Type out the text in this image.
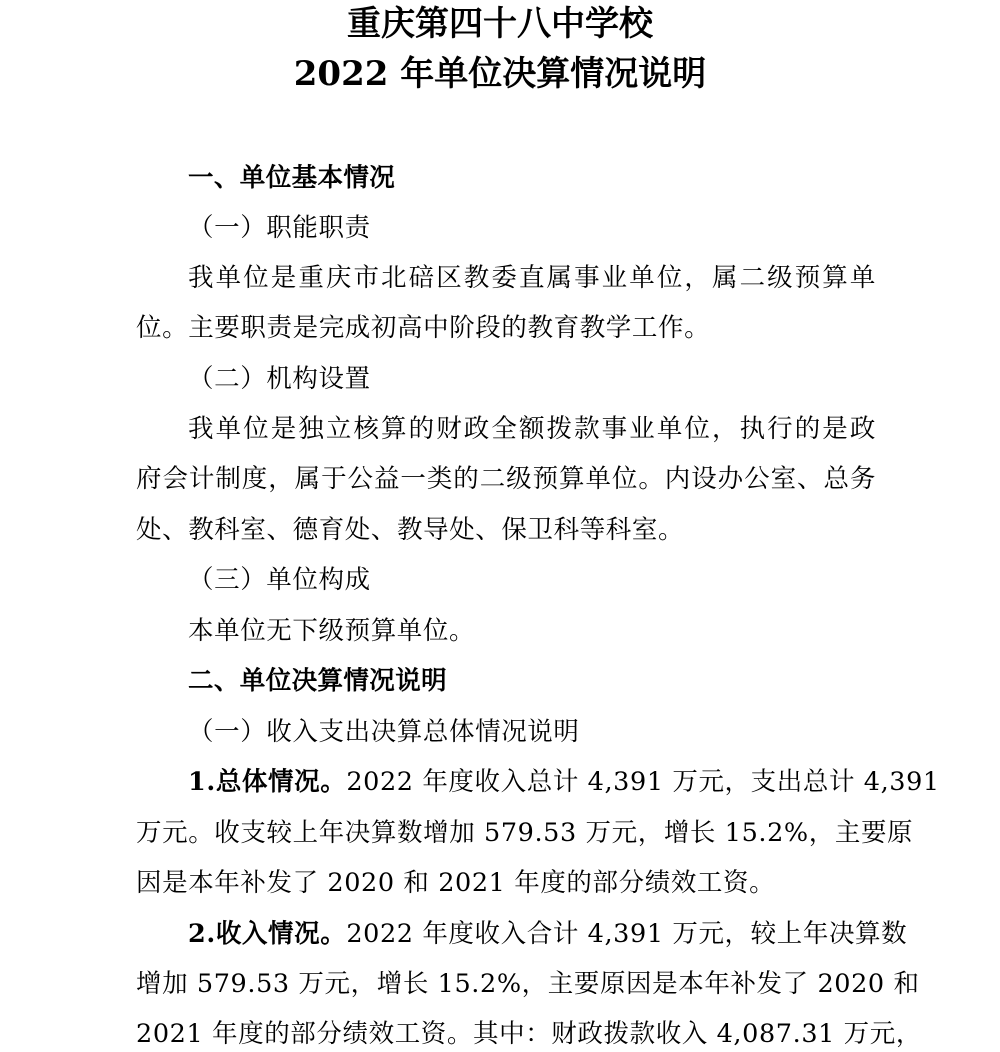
重庆第四十八中学校
2022 年单位决算情况说明
一、单位基本情况
（一）职能职责
我单位是重庆市北碚区教委直属事业单位，属二级预算单
位。主要职责是完成初高中阶段的教育教学工作。
（二）机构设置
我单位是独立核算的财政全额拨款事业单位，执行的是政
府会计制度，属于公益一类的二级预算单位。内设办公室、总务
处、教科室、德育处、教导处、保卫科等科室。
（三）单位构成
本单位无下级预算单位。
二、单位决算情况说明
（一）收入支出决算总体情况说明
1.总体情况。2022 年度收入总计 4,391 万元，支出总计 4,391
万元。收支较上年决算数增加 579.53 万元，增长 15.2%，主要原
因是本年补发了 2020 和 2021 年度的部分绩效工资。
2.收入情况。2022 年度收入合计 4,391 万元，较上年决算数
增加 579.53 万元，增长 15.2%，主要原因是本年补发了 2020 和
2021 年度的部分绩效工资。其中：财政拨款收入 4,087.31 万元，
